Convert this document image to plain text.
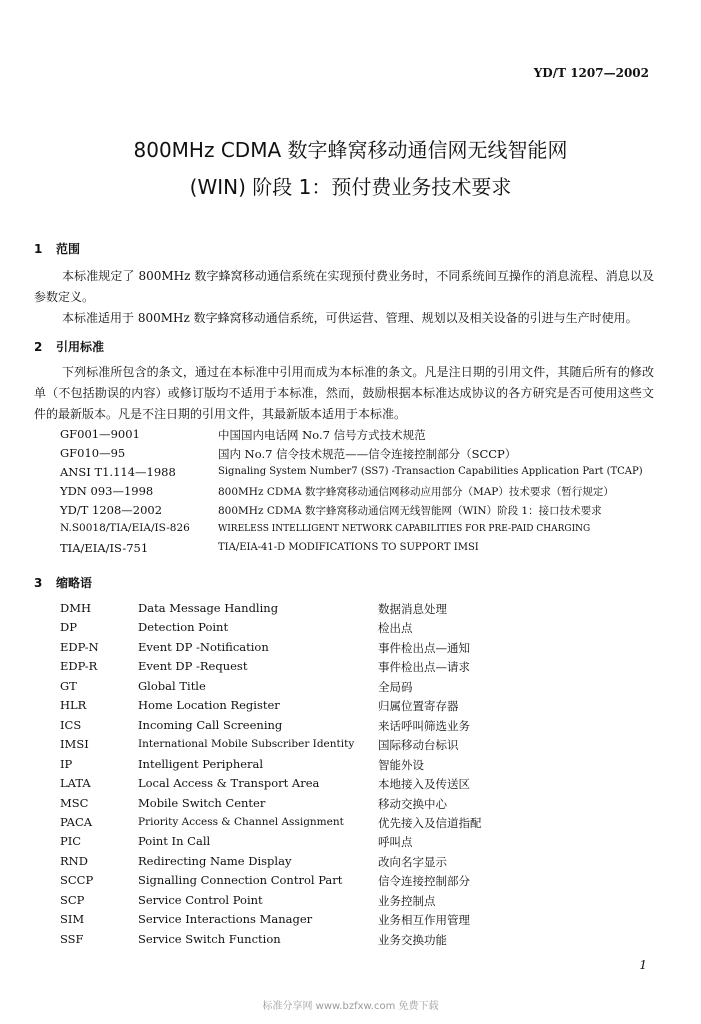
YD/T 1207—2002
800MHz CDMA 数字蜂窝移动通信网无线智能网
(WIN) 阶段 1：预付费业务技术要求
1 范围

本标准规定了 800MHz 数字蜂窝移动通信系统在实现预付费业务时，不同系统间互操作的消息流程、消息以及参数定义。

本标准适用于 800MHz 数字蜂窝移动通信系统，可供运营、管理、规划以及相关设备的引进与生产时使用。

2 引用标准

下列标准所包含的条文，通过在本标准中引用而成为本标准的条文。凡是注日期的引用文件，其随后所有的修改单（不包括勘误的内容）或修订版均不适用于本标准，然而，鼓励根据本标准达成协议的各方研究是否可使用这些文件的最新版本。凡是不注日期的引用文件，其最新版本适用于本标准。

GF001—9001	中国国内电话网 No.7 信号方式技术规范
GF010—95	国内 No.7 信令技术规范——信令连接控制部分（SCCP）
ANSI T1.114—1988	Signaling System Number7 (SS7) -Transaction Capabilities Application Part (TCAP)
YDN 093—1998	800MHz CDMA 数字蜂窝移动通信网移动应用部分（MAP）技术要求（暂行规定）
YD/T 1208—2002	800MHz CDMA 数字蜂窝移动通信网无线智能网（WIN）阶段 1：接口技术要求
N.S0018/TIA/EIA/IS-826	WIRELESS INTELLIGENT NETWORK CAPABILITIES FOR PRE-PAID CHARGING
TIA/EIA/IS-751	TIA/EIA-41-D MODIFICATIONS TO SUPPORT IMSI
3 缩略语
DMH	Data Message Handling	数据消息处理
DP	Detection Point	检出点
EDP-N	Event DP -Notification	事件检出点—通知
EDP-R	Event DP -Request	事件检出点—请求
GT	Global Title	全局码
HLR	Home Location Register	归属位置寄存器
ICS	Incoming Call Screening	来话呼叫筛选业务
IMSI	International Mobile Subscriber Identity 国际移动台标识
IP	Intelligent Peripheral	智能外设
LATA	Local Access & Transport Area	本地接入及传送区
MSC	Mobile Switch Center	移动交换中心
PACA	Priority Access & Channel Assignment	优先接入及信道指配
PIC	Point In Call	呼叫点
RND	Redirecting Name Display	改向名字显示
SCCP	Signalling Connection Control Part	信令连接控制部分
SCP	Service Control Point	业务控制点
SIM	Service Interactions Manager	业务相互作用管理
SSF	Service Switch Function	业务交换功能
1
标准分享网 www.bzfxw.com 免费下载
